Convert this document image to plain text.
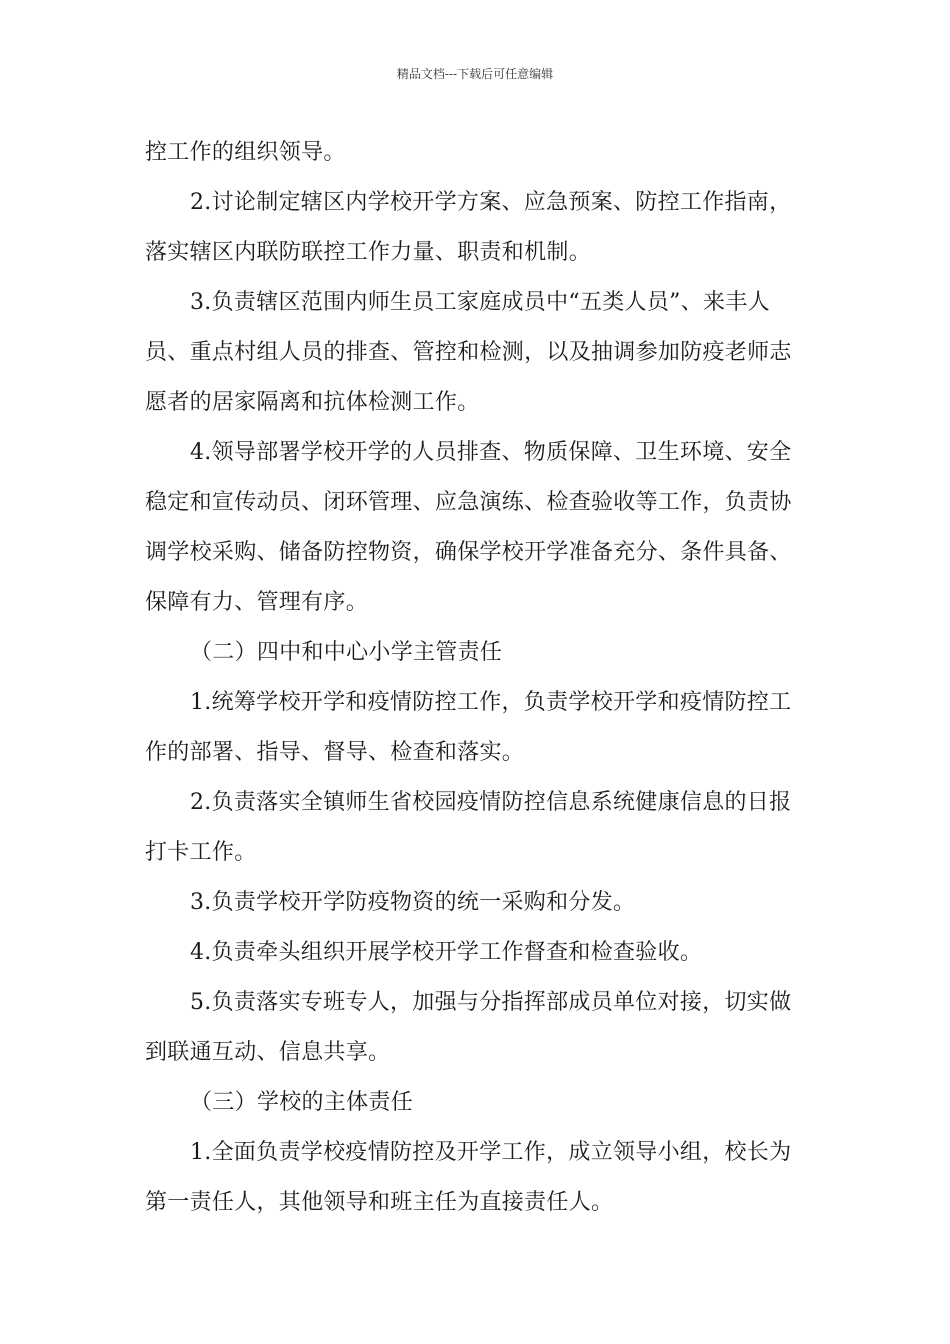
精品文档---下载后可任意编辑
控工作的组织领导。
2.讨论制定辖区内学校开学方案、应急预案、防控工作指南，
落实辖区内联防联控工作力量、职责和机制。
3.负责辖区范围内师生员工家庭成员中“五类人员”、来丰人
员、重点村组人员的排查、管控和检测，以及抽调参加防疫老师志
愿者的居家隔离和抗体检测工作。
4.领导部署学校开学的人员排查、物质保障、卫生环境、安全
稳定和宣传动员、闭环管理、应急演练、检查验收等工作，负责协
调学校采购、储备防控物资，确保学校开学准备充分、条件具备、
保障有力、管理有序。
（二）四中和中心小学主管责任
1.统筹学校开学和疫情防控工作，负责学校开学和疫情防控工
作的部署、指导、督导、检查和落实。
2.负责落实全镇师生省校园疫情防控信息系统健康信息的日报
打卡工作。
3.负责学校开学防疫物资的统一采购和分发。
4.负责牵头组织开展学校开学工作督查和检查验收。
5.负责落实专班专人，加强与分指挥部成员单位对接，切实做
到联通互动、信息共享。
（三）学校的主体责任
1.全面负责学校疫情防控及开学工作，成立领导小组，校长为
第一责任人，其他领导和班主任为直接责任人。
